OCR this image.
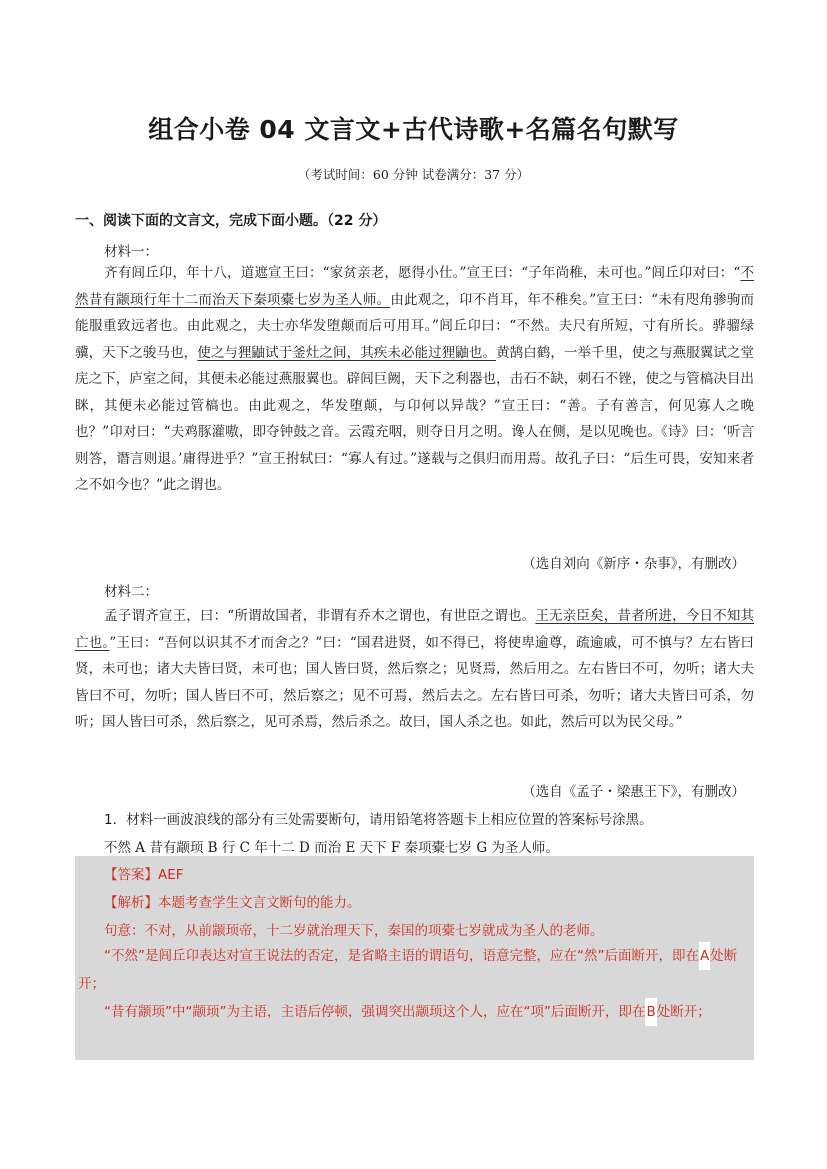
组合小卷 04 文言文+古代诗歌+名篇名句默写
（考试时间：60 分钟 试卷满分：37 分）
一、阅读下面的文言文，完成下面小题。（22 分）
材料一：
齐有闾丘卬，年十八，道遮宣王曰：“家贫亲老，愿得小仕。”宣王曰：“子年尚稚，未可也。”闾丘卬对曰：“不然昔有颛顼行年十二而治天下秦项橐七岁为圣人师。由此观之，卬不肖耳，年不稚矣。”宣王曰：“未有咫角骖驹而能服重致远者也。由此观之，夫士亦华发堕颠而后可用耳。”闾丘卬曰：“不然。夫尺有所短，寸有所长。骅骝绿骥，天下之骏马也，使之与狸鼬试于釜灶之间，其疾未必能过狸鼬也。黄鹄白鹤，一举千里，使之与燕服翼试之堂庑之下，庐室之间，其便未必能过燕服翼也。辟闾巨阙，天下之利器也，击石不缺，刺石不锉，使之与管槁决目出眯，其便未必能过管槁也。由此观之，华发堕颠，与卬何以异哉？”宣王曰：“善。子有善言，何见寡人之晚也？”卬对曰：“夫鸡豚灌嗷，即夺钟鼓之音。云霞充咽，则夺日月之明。谗人在侧，是以见晚也。《诗》曰：‘听言则答，谮言则退。’庸得进乎？”宣王拊轼曰：“寡人有过。”遂载与之俱归而用焉。故孔子曰：“后生可畏，安知来者之不如今也？”此之谓也。
（选自刘向《新序・杂事》，有删改）
材料二：
孟子谓齐宣王，曰：“所谓故国者，非谓有乔木之谓也，有世臣之谓也。王无亲臣矣，昔者所进，今日不知其亡也。”王曰：“吾何以识其不才而舍之？”曰：“国君进贤，如不得已，将使卑逾尊，疏逾戚，可不慎与？左右皆曰贤，未可也；诸大夫皆曰贤，未可也；国人皆曰贤，然后察之；见贤焉，然后用之。左右皆曰不可，勿听；诸大夫皆曰不可，勿听；国人皆曰不可，然后察之；见不可焉，然后去之。左右皆曰可杀，勿听；诸大夫皆曰可杀，勿听；国人皆曰可杀，然后察之，见可杀焉，然后杀之。故曰，国人杀之也。如此，然后可以为民父母。”
（选自《孟子・梁惠王下》，有删改）
1．材料一画波浪线的部分有三处需要断句，请用铅笔将答题卡上相应位置的答案标号涂黑。
不然 A 昔有颛顼 B 行 C 年十二 D 而治 E 天下 F 秦项橐七岁 G 为圣人师。
【答案】AEF
【解析】本题考查学生文言文断句的能力。
句意：不对，从前颛顼帝，十二岁就治理天下，秦国的项橐七岁就成为圣人的老师。
“不然”是闾丘卬表达对宣王说法的否定，是省略主语的谓语句，语意完整，应在“然”后面断开，即在A处断开；
“昔有颛顼”中“颛顼”为主语，主语后停顿，强调突出颛顼这个人，应在“项”后面断开，即在B处断开；
